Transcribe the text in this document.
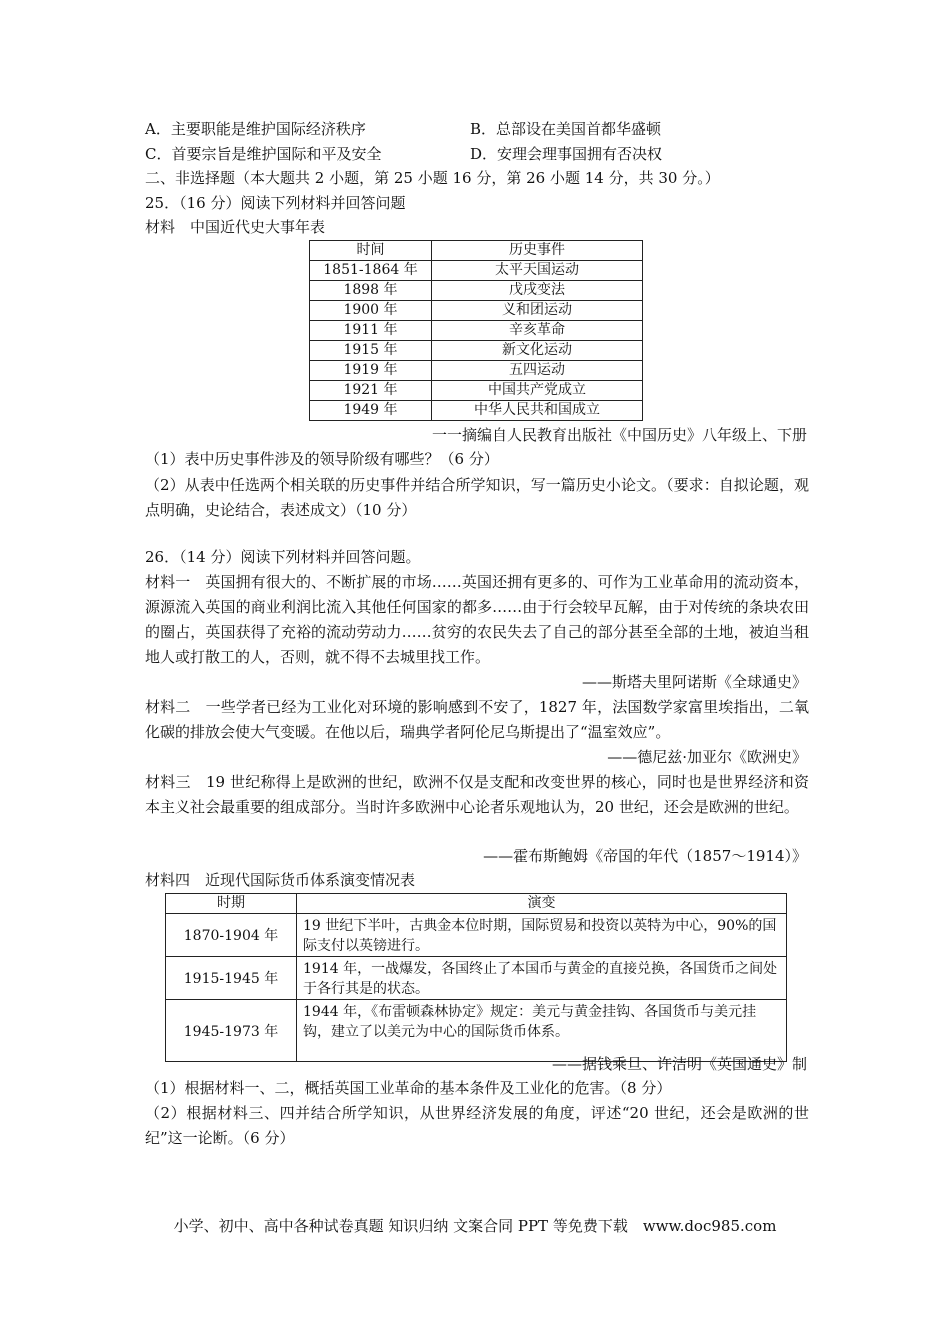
A．主要职能是维护国际经济秩序	B．总部设在美国首都华盛顿
C．首要宗旨是维护国际和平及安全	D．安理会理事国拥有否决权
二、非选择题（本大题共 2 小题，第 25 小题 16 分，第 26 小题 14 分，共 30 分。）
25．（16 分）阅读下列材料并回答问题
材料　中国近代史大事年表
时间	历史事件
1851-1864 年	太平天国运动
1898 年	戊戌变法
1900 年	义和团运动
1911 年	辛亥革命
1915 年	新文化运动
1919 年	五四运动
1921 年	中国共产党成立
1949 年	中华人民共和国成立
一一摘编自人民教育出版社《中国历史》八年级上、下册
（1）表中历史事件涉及的领导阶级有哪些？（6 分）
（2）从表中任选两个相关联的历史事件并结合所学知识，写一篇历史小论文。（要求：自拟论题，观点明确，史论结合，表述成文）（10 分）
26．（14 分）阅读下列材料并回答问题。
材料一　英国拥有很大的、不断扩展的市场……英国还拥有更多的、可作为工业革命用的流动资本，源源流入英国的商业利润比流入其他任何国家的都多……由于行会较早瓦解，由于对传统的条块农田的圈占，英国获得了充裕的流动劳动力……贫穷的农民失去了自己的部分甚至全部的土地，被迫当租地人或打散工的人，否则，就不得不去城里找工作。
——斯塔夫里阿诺斯《全球通史》
材料二　一些学者已经为工业化对环境的影响感到不安了，1827 年，法国数学家富里埃指出，二氧化碳的排放会使大气变暖。在他以后，瑞典学者阿伦尼乌斯提出了“温室效应”。
——德尼兹·加亚尔《欧洲史》
材料三　19 世纪称得上是欧洲的世纪，欧洲不仅是支配和改变世界的核心，同时也是世界经济和资本主义社会最重要的组成部分。当时许多欧洲中心论者乐观地认为，20 世纪，还会是欧洲的世纪。
——霍布斯鲍姆《帝国的年代（1857～1914）》
材料四　近现代国际货币体系演变情况表
时期	演变
1870-1904 年	19 世纪下半叶，古典金本位时期，国际贸易和投资以英特为中心，90%的国际支付以英镑进行。
1915-1945 年	1914 年，一战爆发，各国终止了本国币与黄金的直接兑换，各国货币之间处于各行其是的状态。
1945-1973 年	1944 年，《布雷顿森林协定》规定：美元与黄金挂钩、各国货币与美元挂钩，建立了以美元为中心的国际货币体系。
——据钱乘旦、许洁明《英国通史》制
（1）根据材料一、二，概括英国工业革命的基本条件及工业化的危害。（8 分）
（2）根据材料三、四并结合所学知识，从世界经济发展的角度，评述“20 世纪，还会是欧洲的世纪”这一论断。（6 分）
小学、初中、高中各种试卷真题 知识归纳 文案合同 PPT 等免费下载　www.doc985.com
